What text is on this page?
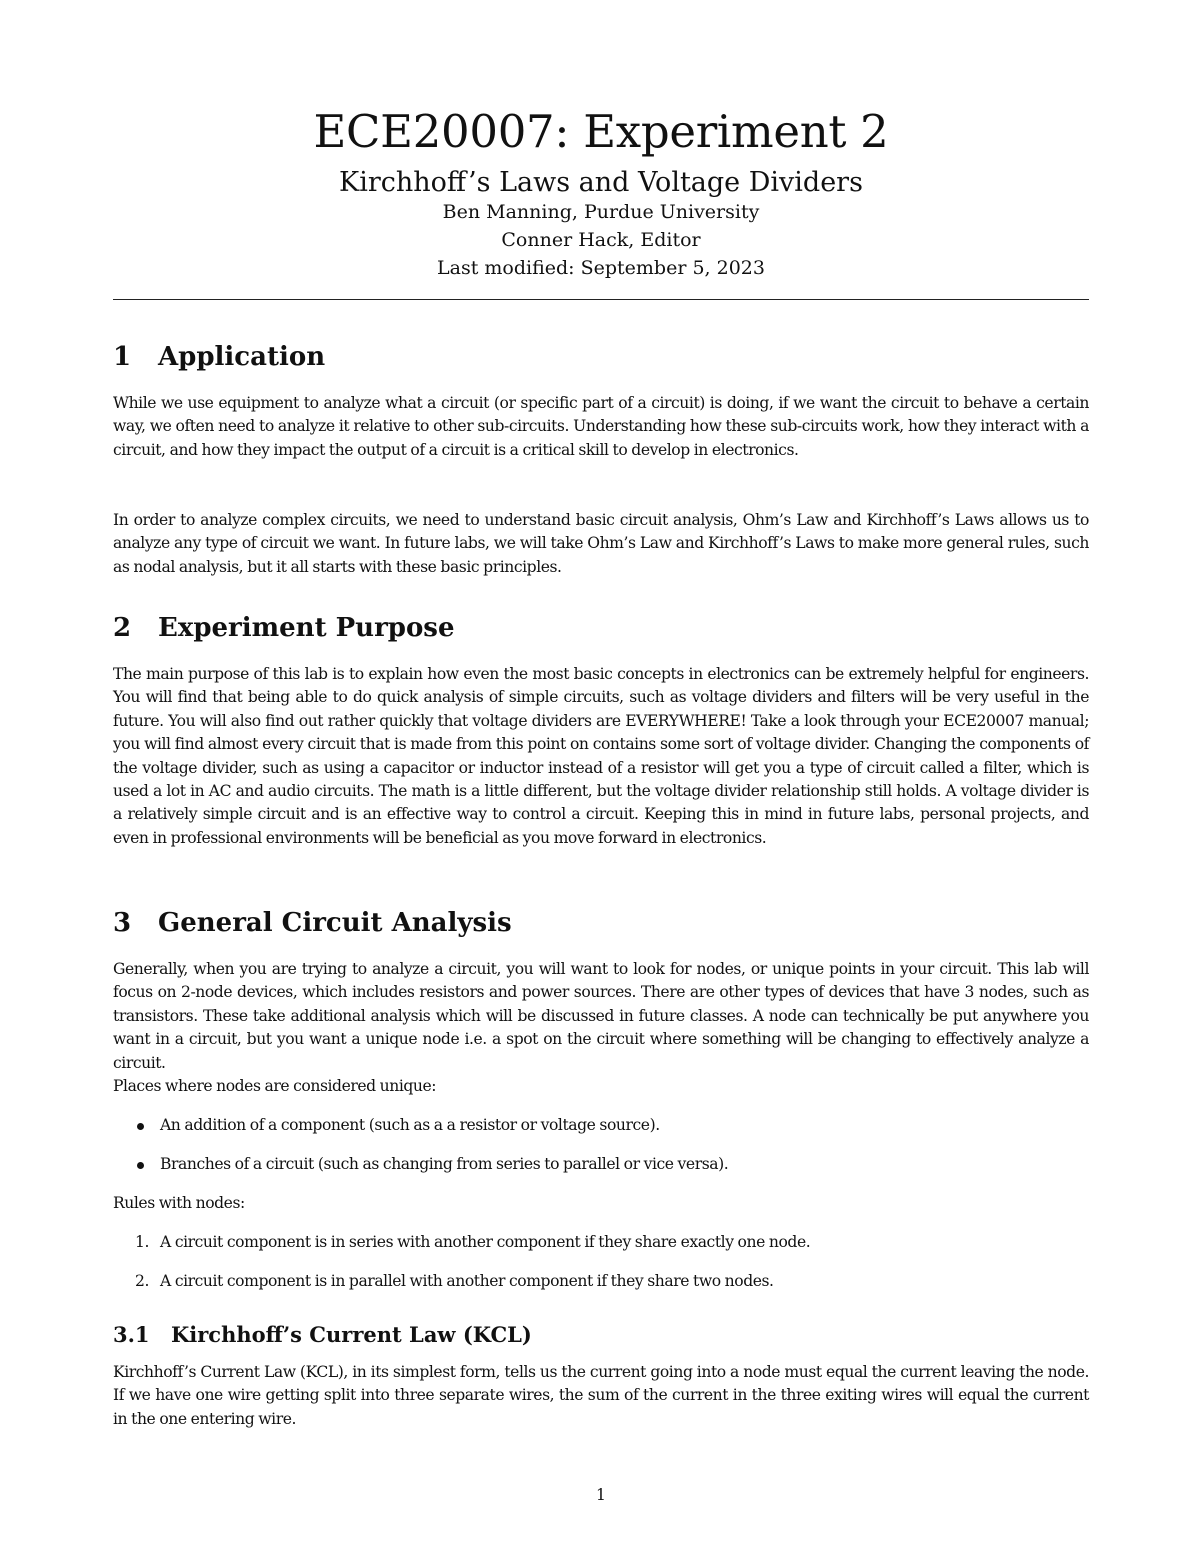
ECE20007: Experiment 2
Kirchhoff’s Laws and Voltage Dividers
Ben Manning, Purdue University
Conner Hack, Editor
Last modified: September 5, 2023
1 Application
While we use equipment to analyze what a circuit (or specific part of a circuit) is doing, if we want the circuit to behave a certain way, we often need to analyze it relative to other sub-circuits. Understanding how these sub-circuits work, how they interact with a circuit, and how they impact the output of a circuit is a critical skill to develop in electronics.
In order to analyze complex circuits, we need to understand basic circuit analysis, Ohm’s Law and Kirchhoff’s Laws allows us to analyze any type of circuit we want. In future labs, we will take Ohm’s Law and Kirchhoff’s Laws to make more general rules, such as nodal analysis, but it all starts with these basic principles.
2 Experiment Purpose
The main purpose of this lab is to explain how even the most basic concepts in electronics can be extremely helpful for engineers. You will find that being able to do quick analysis of simple circuits, such as voltage dividers and filters will be very useful in the future. You will also find out rather quickly that voltage dividers are EVERYWHERE! Take a look through your ECE20007 manual; you will find almost every circuit that is made from this point on contains some sort of voltage divider. Changing the components of the voltage divider, such as using a capacitor or inductor instead of a resistor will get you a type of circuit called a filter, which is used a lot in AC and audio circuits. The math is a little different, but the voltage divider relationship still holds. A voltage divider is a relatively simple circuit and is an effective way to control a circuit. Keeping this in mind in future labs, personal projects, and even in professional environments will be beneficial as you move forward in electronics.
3 General Circuit Analysis
Generally, when you are trying to analyze a circuit, you will want to look for nodes, or unique points in your circuit. This lab will focus on 2-node devices, which includes resistors and power sources. There are other types of devices that have 3 nodes, such as transistors. These take additional analysis which will be discussed in future classes. A node can technically be put anywhere you want in a circuit, but you want a unique node i.e. a spot on the circuit where something will be changing to effectively analyze a circuit.
Places where nodes are considered unique:
An addition of a component (such as a a resistor or voltage source).
Branches of a circuit (such as changing from series to parallel or vice versa).
Rules with nodes:
1. A circuit component is in series with another component if they share exactly one node.
2. A circuit component is in parallel with another component if they share two nodes.
3.1 Kirchhoff’s Current Law (KCL)
Kirchhoff’s Current Law (KCL), in its simplest form, tells us the current going into a node must equal the current leaving the node. If we have one wire getting split into three separate wires, the sum of the current in the three exiting wires will equal the current in the one entering wire.
1
